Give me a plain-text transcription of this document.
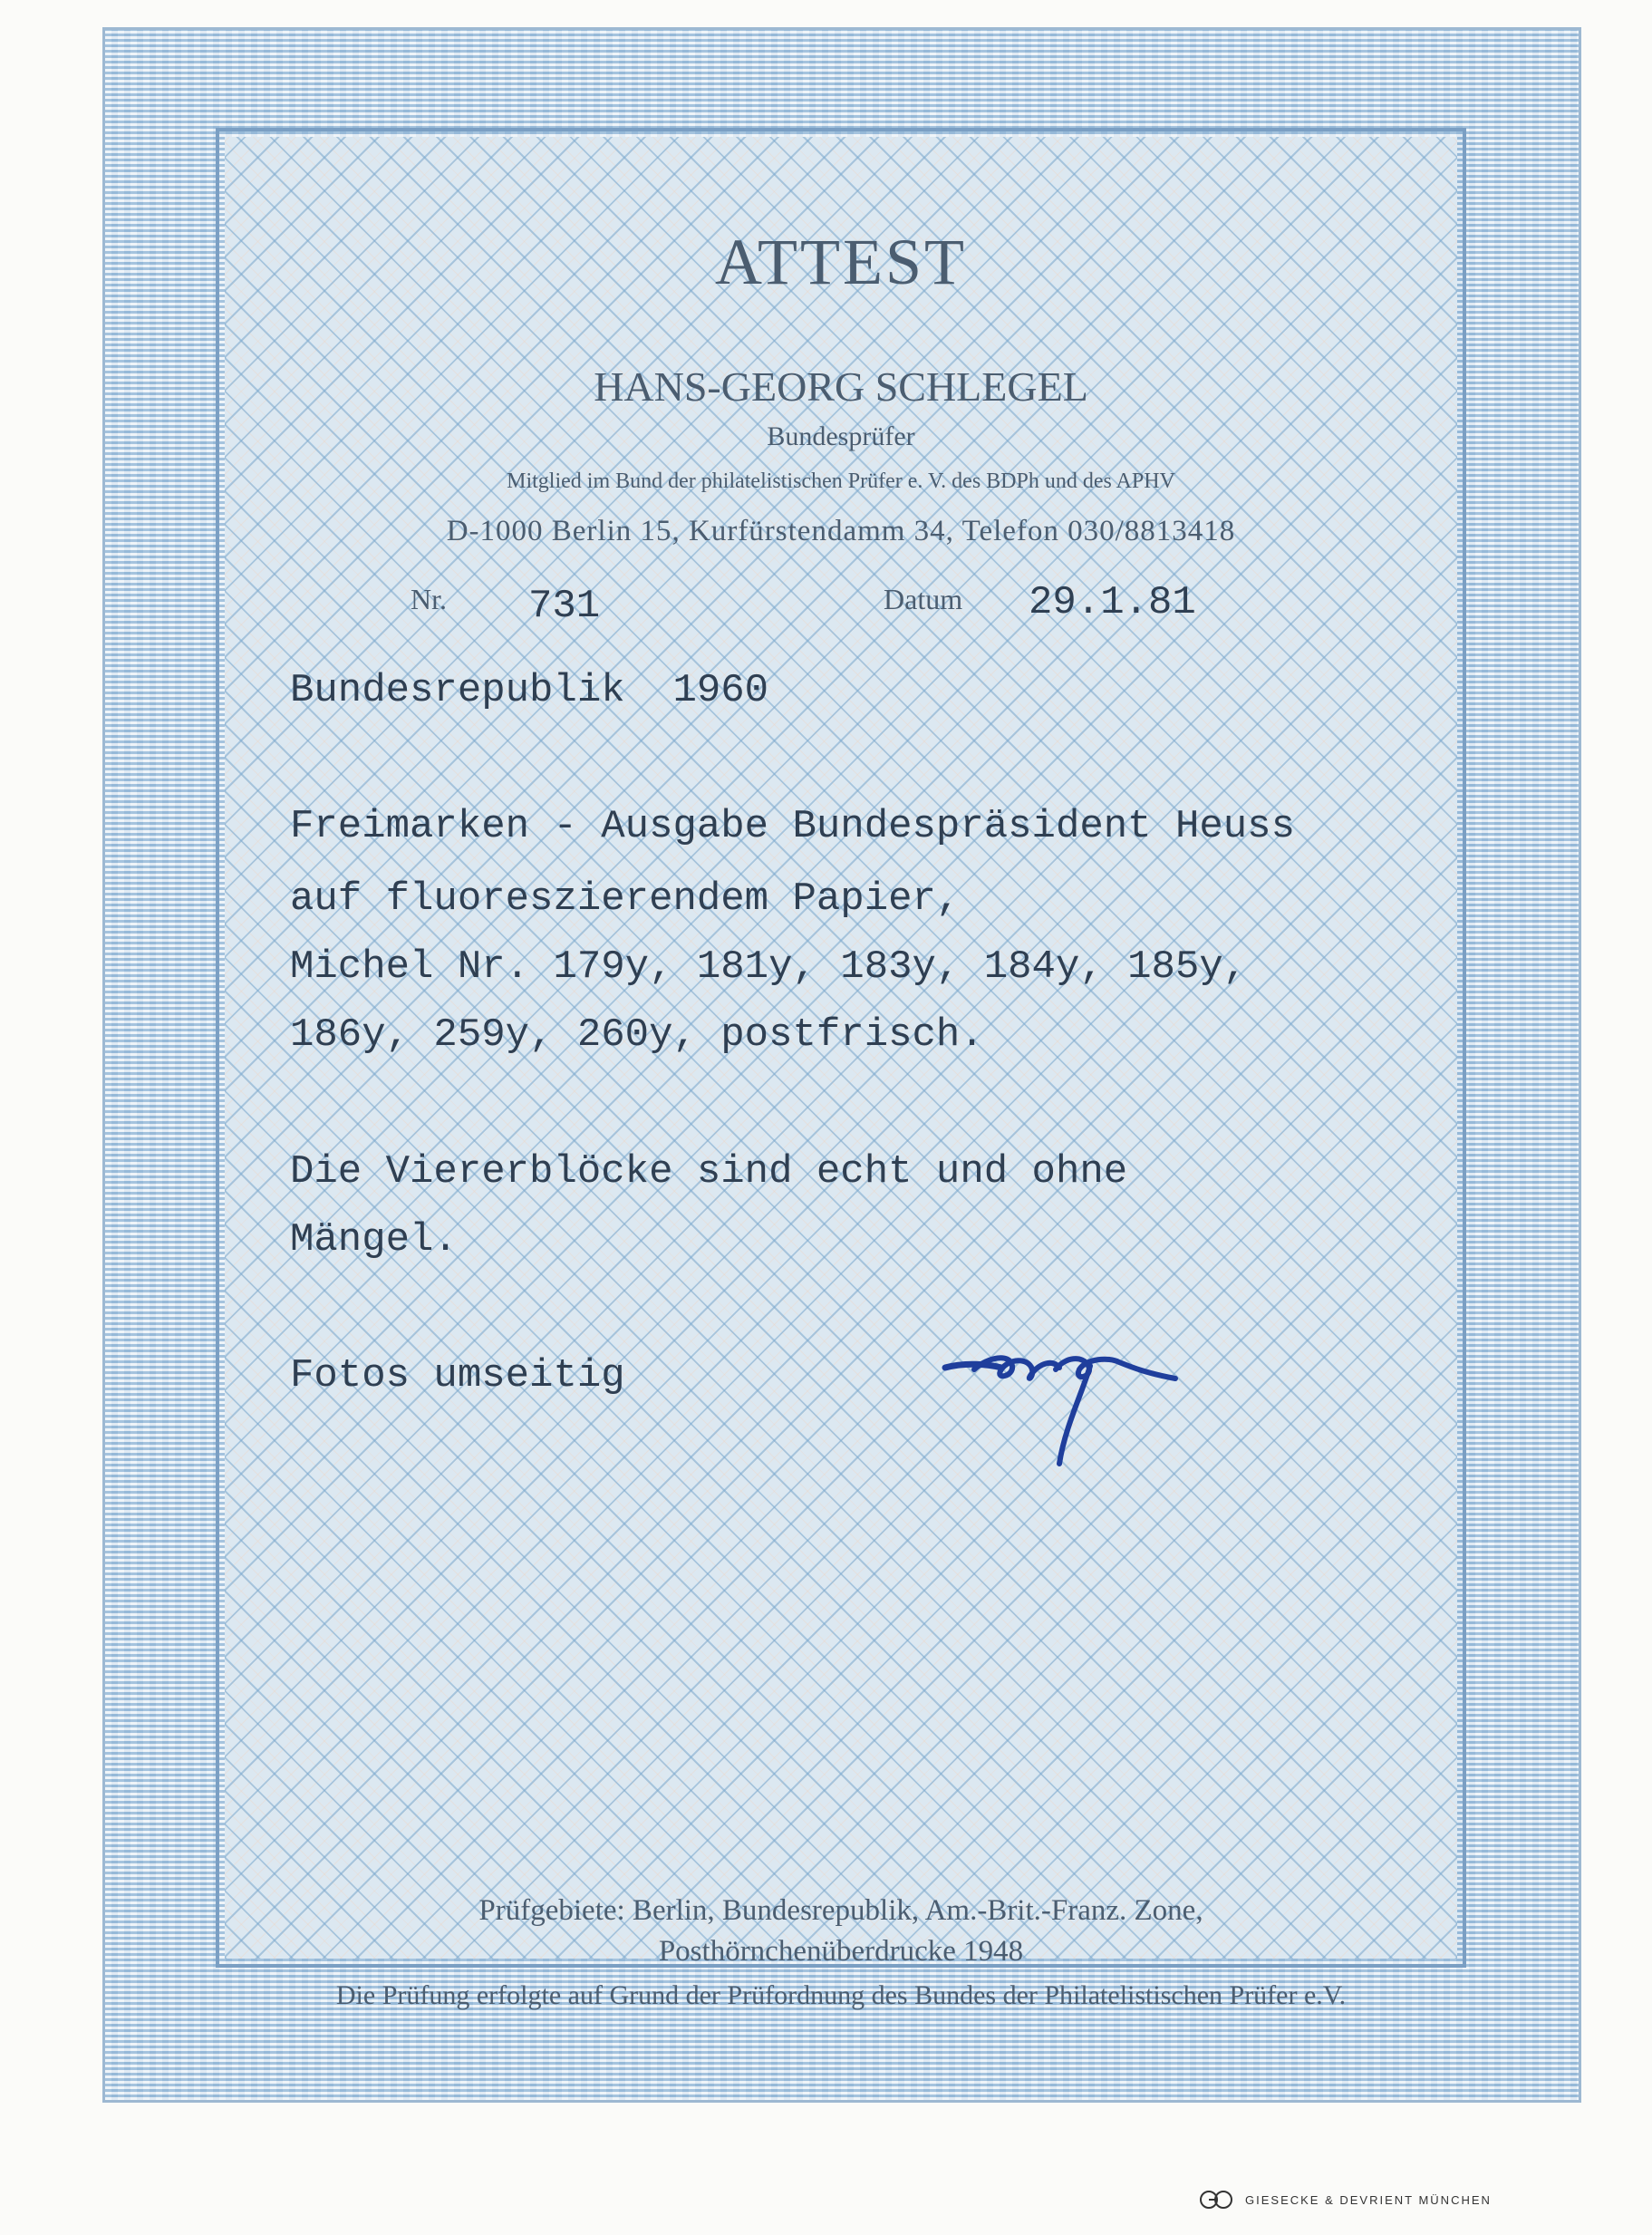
ATTEST

HANS-GEORG SCHLEGEL

Bundesprüfer

Mitglied im Bund der philatelistischen Prüfer e. V. des BDPh und des APHV

D-1000 Berlin 15, Kurfürstendamm 34, Telefon 030/8813418

Nr. 731	Datum 29.1.81

Bundesrepublik  1960

Freimarken - Ausgabe Bundespräsident Heuss

auf fluoreszierendem Papier,

Michel Nr. 179y, 181y, 183y, 184y, 185y,

186y, 259y, 260y, postfrisch.

Die Viererblöcke sind echt und ohne

Mängel.

Fotos umseitig

Prüfgebiete: Berlin, Bundesrepublik, Am.-Brit.-Franz. Zone,

Posthörnchenüberdrucke 1948

Die Prüfung erfolgte auf Grund der Prüfordnung des Bundes der Philatelistischen Prüfer e.V.

GIESECKE & DEVRIENT MÜNCHEN
